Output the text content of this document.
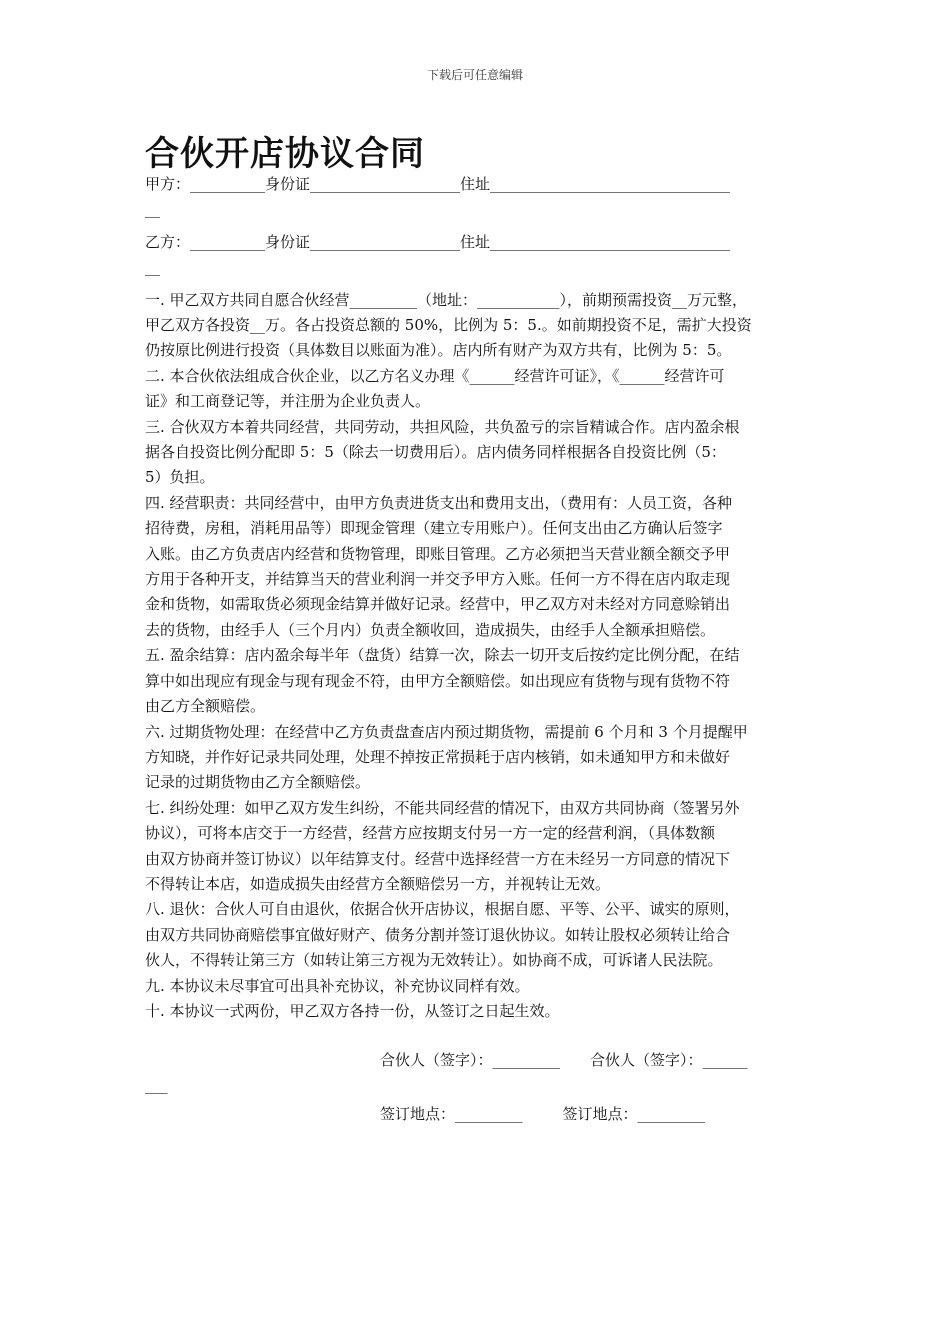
下载后可任意编辑
合伙开店协议合同
甲方：__________身份证____________________住址________________________________
__
乙方：__________身份证____________________住址________________________________
__
一. 甲乙双方共同自愿合伙经营_________（地址：___________），前期预需投资__万元整，
甲乙双方各投资__万。各占投资总额的 50%，比例为 5：5.。如前期投资不足，需扩大投资
仍按原比例进行投资（具体数目以账面为准）。店内所有财产为双方共有，比例为 5：5。
二. 本合伙依法组成合伙企业，以乙方名义办理《______经营许可证》，《______经营许可
证》和工商登记等，并注册为企业负责人。
三. 合伙双方本着共同经营，共同劳动，共担风险，共负盈亏的宗旨精诚合作。店内盈余根
据各自投资比例分配即 5：5（除去一切费用后）。店内债务同样根据各自投资比例（5：
5）负担。
四. 经营职责：共同经营中，由甲方负责进货支出和费用支出，（费用有：人员工资，各种
招待费，房租，消耗用品等）即现金管理（建立专用账户）。任何支出由乙方确认后签字
入账。由乙方负责店内经营和货物管理，即账目管理。乙方必须把当天营业额全额交予甲
方用于各种开支，并结算当天的营业利润一并交予甲方入账。任何一方不得在店内取走现
金和货物，如需取货必须现金结算并做好记录。经营中，甲乙双方对未经对方同意赊销出
去的货物，由经手人（三个月内）负责全额收回，造成损失，由经手人全额承担赔偿。
五. 盈余结算：店内盈余每半年（盘货）结算一次，除去一切开支后按约定比例分配，在结
算中如出现应有现金与现有现金不符，由甲方全额赔偿。如出现应有货物与现有货物不符
由乙方全额赔偿。
六. 过期货物处理：在经营中乙方负责盘查店内预过期货物，需提前 6 个月和 3 个月提醒甲
方知晓，并作好记录共同处理，处理不掉按正常损耗于店内核销，如未通知甲方和未做好
记录的过期货物由乙方全额赔偿。
七. 纠纷处理：如甲乙双方发生纠纷，不能共同经营的情况下，由双方共同协商（签署另外
协议），可将本店交于一方经营，经营方应按期支付另一方一定的经营利润，（具体数额
由双方协商并签订协议）以年结算支付。经营中选择经营一方在未经另一方同意的情况下
不得转让本店，如造成损失由经营方全额赔偿另一方，并视转让无效。
八. 退伙：合伙人可自由退伙，依据合伙开店协议，根据自愿、平等、公平、诚实的原则，
由双方共同协商赔偿事宜做好财产、债务分割并签订退伙协议。如转让股权必须转让给合
伙人，不得转让第三方（如转让第三方视为无效转让）。如协商不成，可诉诸人民法院。
九. 本协议未尽事宜可出具补充协议，补充协议同样有效。
十. 本协议一式两份，甲乙双方各持一份，从签订之日起生效。
合伙人（签字）：_________ 合伙人（签字）：______
___
签订地点：_________	签订地点：_________
